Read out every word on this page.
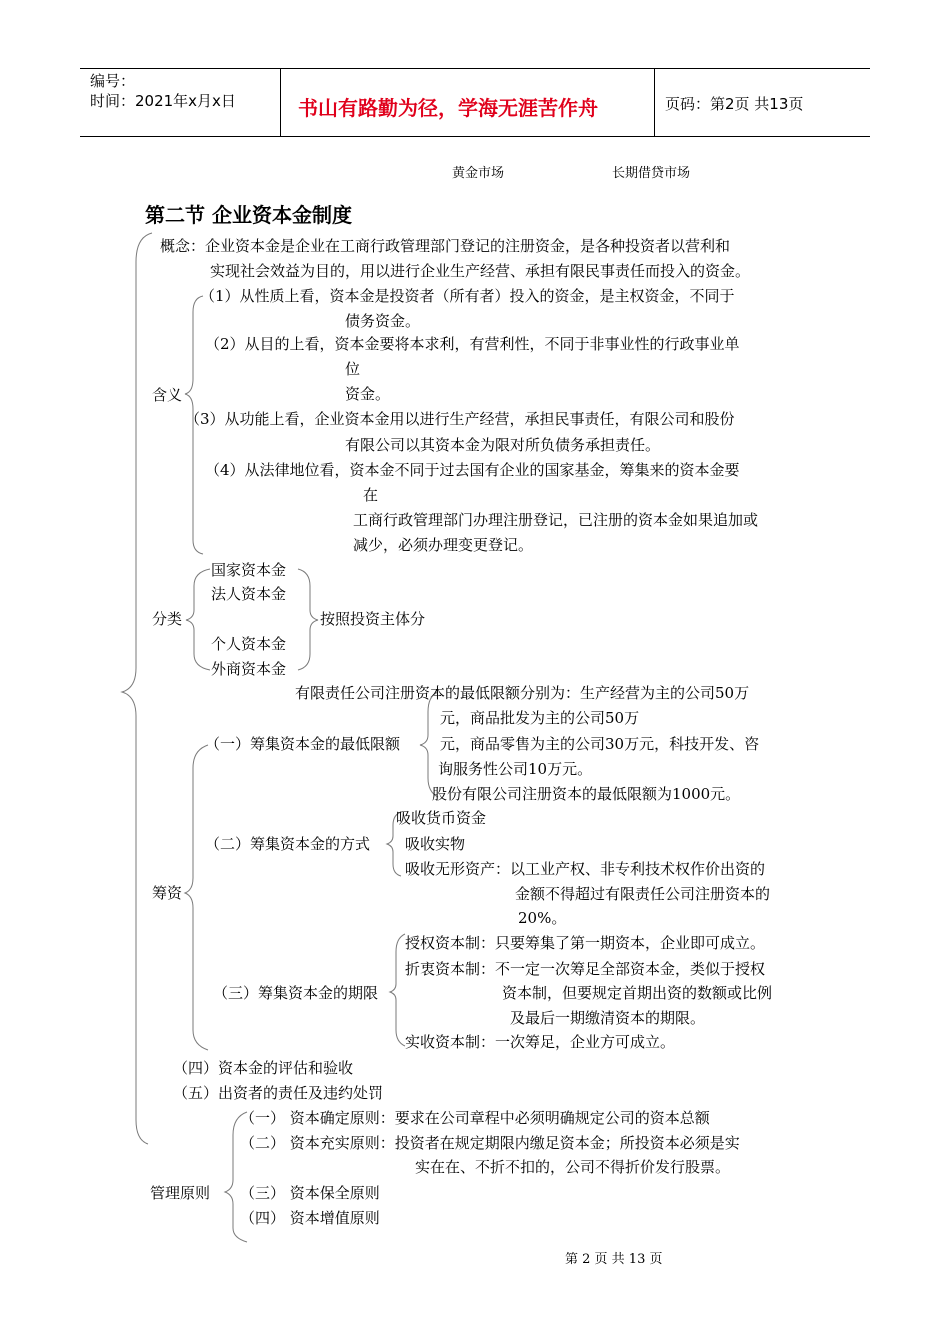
编号：
时间：2021年x月x日	书山有路勤为径，学海无涯苦作舟	页码：第2页 共13页
黄金市场	长期借贷市场
第二节 企业资本金制度
概念：企业资本金是企业在工商行政管理部门登记的注册资金，是各种投资者以营利和
实现社会效益为目的，用以进行企业生产经营、承担有限民事责任而投入的资金。
含义
（1）从性质上看，资本金是投资者（所有者）投入的资金，是主权资金，不同于
债务资金。
（2）从目的上看，资本金要将本求利，有营利性，不同于非事业性的行政事业单
位
资金。
（3）从功能上看，企业资本金用以进行生产经营，承担民事责任，有限公司和股份
有限公司以其资本金为限对所负债务承担责任。
（4）从法律地位看，资本金不同于过去国有企业的国家基金，筹集来的资本金要
在
工商行政管理部门办理注册登记，已注册的资本金如果追加或
减少，必须办理变更登记。
分类
国家资本金
法人资本金
个人资本金
外商资本金
按照投资主体分
筹资
有限责任公司注册资本的最低限额分别为：生产经营为主的公司50万
元，商品批发为主的公司50万
（一）筹集资本金的最低限额	元，商品零售为主的公司30万元，科技开发、咨
询服务性公司10万元。
股份有限公司注册资本的最低限额为1000元。
吸收货币资金
（二）筹集资本金的方式 吸收实物
吸收无形资产：以工业产权、非专利技术权作价出资的
金额不得超过有限责任公司注册资本的
20%。
授权资本制：只要筹集了第一期资本，企业即可成立。
折衷资本制：不一定一次筹足全部资本金，类似于授权
（三）筹集资本金的期限	资本制，但要规定首期出资的数额或比例
及最后一期缴清资本的期限。
实收资本制：一次筹足，企业方可成立。
（四）资本金的评估和验收
（五）出资者的责任及违约处罚
管理原则
（一） 资本确定原则：要求在公司章程中必须明确规定公司的资本总额
（二） 资本充实原则：投资者在规定期限内缴足资本金；所投资本必须是实
实在在、不折不扣的，公司不得折价发行股票。
（三） 资本保全原则
（四） 资本增值原则
第 2 页 共 13 页
